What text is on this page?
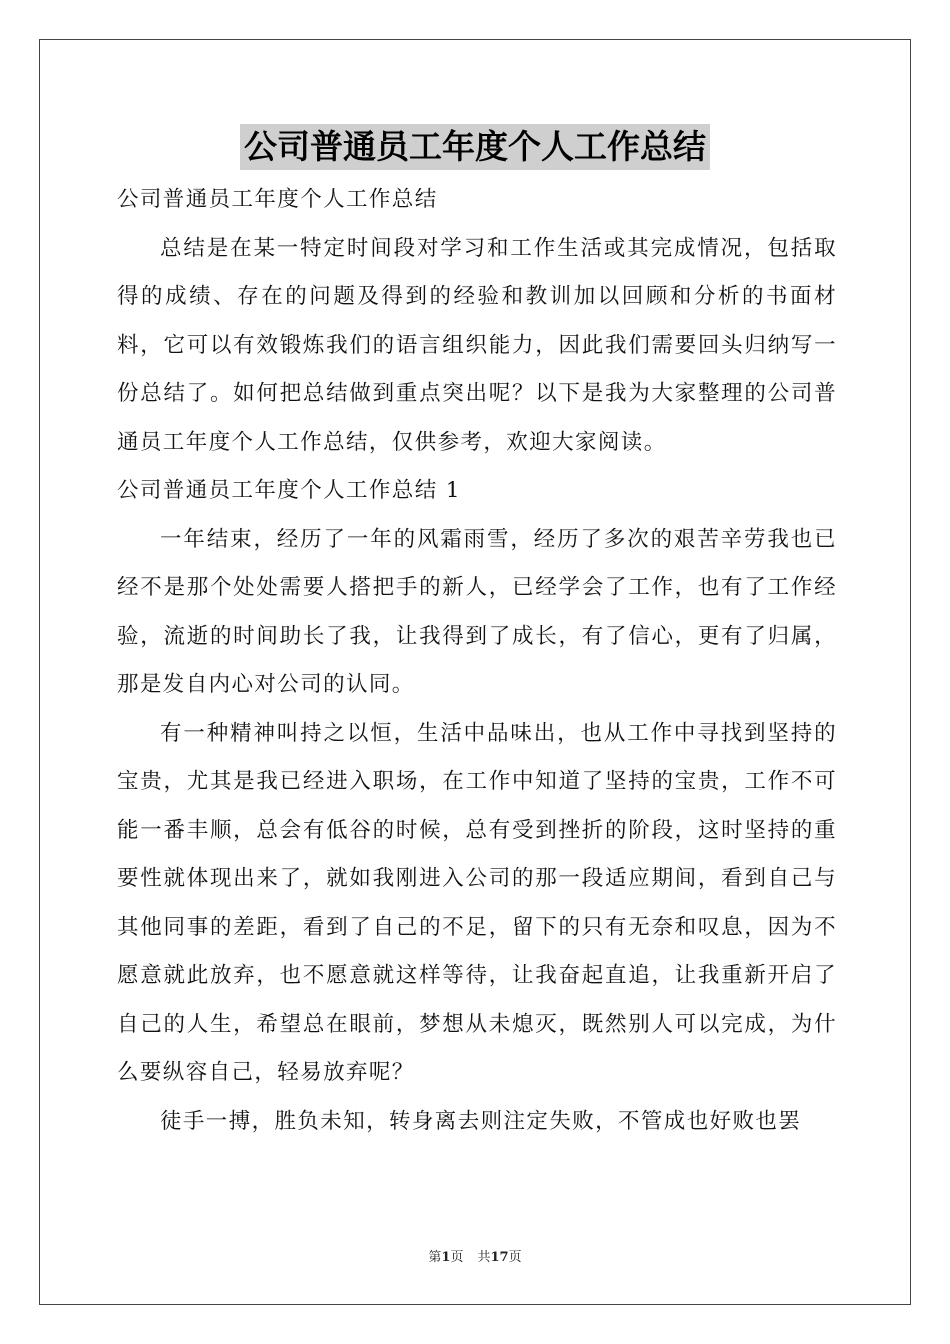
公司普通员工年度个人工作总结

公司普通员工年度个人工作总结

总结是在某一特定时间段对学习和工作生活或其完成情况，包括取得的成绩、存在的问题及得到的经验和教训加以回顾和分析的书面材料，它可以有效锻炼我们的语言组织能力，因此我们需要回头归纳写一份总结了。如何把总结做到重点突出呢？以下是我为大家整理的公司普通员工年度个人工作总结，仅供参考，欢迎大家阅读。

公司普通员工年度个人工作总结 1

一年结束，经历了一年的风霜雨雪，经历了多次的艰苦辛劳我也已经不是那个处处需要人搭把手的新人，已经学会了工作，也有了工作经验，流逝的时间助长了我，让我得到了成长，有了信心，更有了归属，那是发自内心对公司的认同。

有一种精神叫持之以恒，生活中品味出，也从工作中寻找到坚持的宝贵，尤其是我已经进入职场，在工作中知道了坚持的宝贵，工作不可能一番丰顺，总会有低谷的时候，总有受到挫折的阶段，这时坚持的重要性就体现出来了，就如我刚进入公司的那一段适应期间，看到自己与其他同事的差距，看到了自己的不足，留下的只有无奈和叹息，因为不愿意就此放弃，也不愿意就这样等待，让我奋起直追，让我重新开启了自己的人生，希望总在眼前，梦想从未熄灭，既然别人可以完成，为什么要纵容自己，轻易放弃呢？

徒手一搏，胜负未知，转身离去则注定失败，不管成也好败也罢

第1页 共17页
